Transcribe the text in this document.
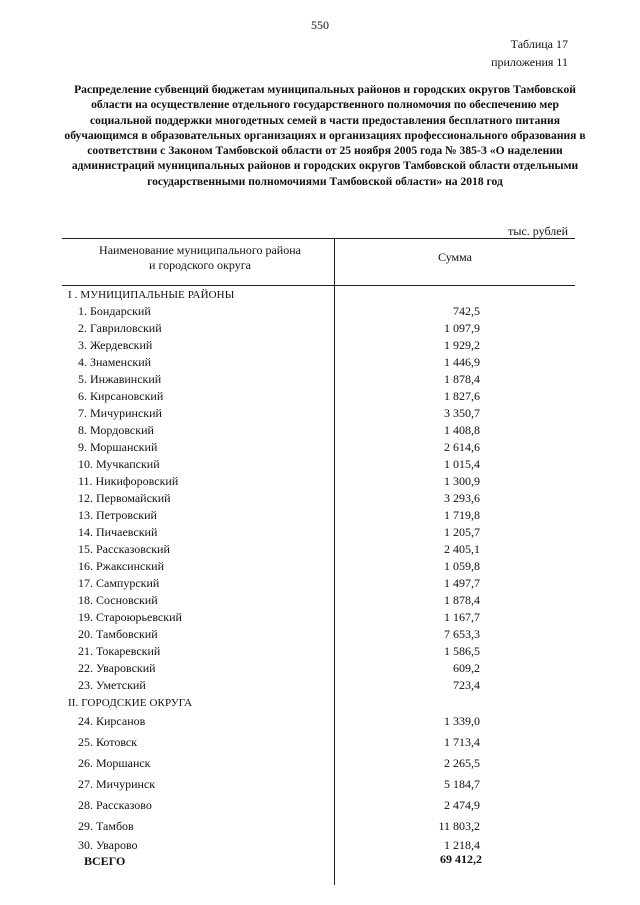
550
Таблица 17
приложения 11
Распределение субвенций бюджетам муниципальных районов и городских округов Тамбовской области на осуществление отдельного государственного полномочия по обеспечению мер социальной поддержки многодетных семей в части предоставления бесплатного питания обучающимся в образовательных организациях и организациях профессионального образования в соответствии с Законом Тамбовской области от 25 ноября 2005 года № 385-З «О наделении администраций муниципальных районов и городских округов Тамбовской области отдельными государственными полномочиями Тамбовской области» на 2018 год
тыс. рублей
Наименование муниципального района
и городского округа
Сумма
I . МУНИЦИПАЛЬНЫЕ РАЙОНЫ
1. Бондарский	742,5
2. Гавриловский	1 097,9
3. Жердевский	1 929,2
4. Знаменский	1 446,9
5. Инжавинский	1 878,4
6. Кирсановский	1 827,6
7. Мичуринский	3 350,7
8. Мордовский	1 408,8
9. Моршанский	2 614,6
10. Мучкапский	1 015,4
11. Никифоровский	1 300,9
12. Первомайский	3 293,6
13. Петровский	1 719,8
14. Пичаевский	1 205,7
15. Рассказовский	2 405,1
16. Ржаксинский	1 059,8
17. Сампурский	1 497,7
18. Сосновский	1 878,4
19. Староюрьевский	1 167,7
20. Тамбовский	7 653,3
21. Токаревский	1 586,5
22. Уваровский	609,2
23. Уметский	723,4
II. ГОРОДСКИЕ ОКРУГА
24. Кирсанов	1 339,0
25. Котовск	1 713,4
26. Моршанск	2 265,5
27. Мичуринск	5 184,7
28. Рассказово	2 474,9
29. Тамбов	11 803,2
30. Уварово	1 218,4
ВСЕГО	69 412,2
